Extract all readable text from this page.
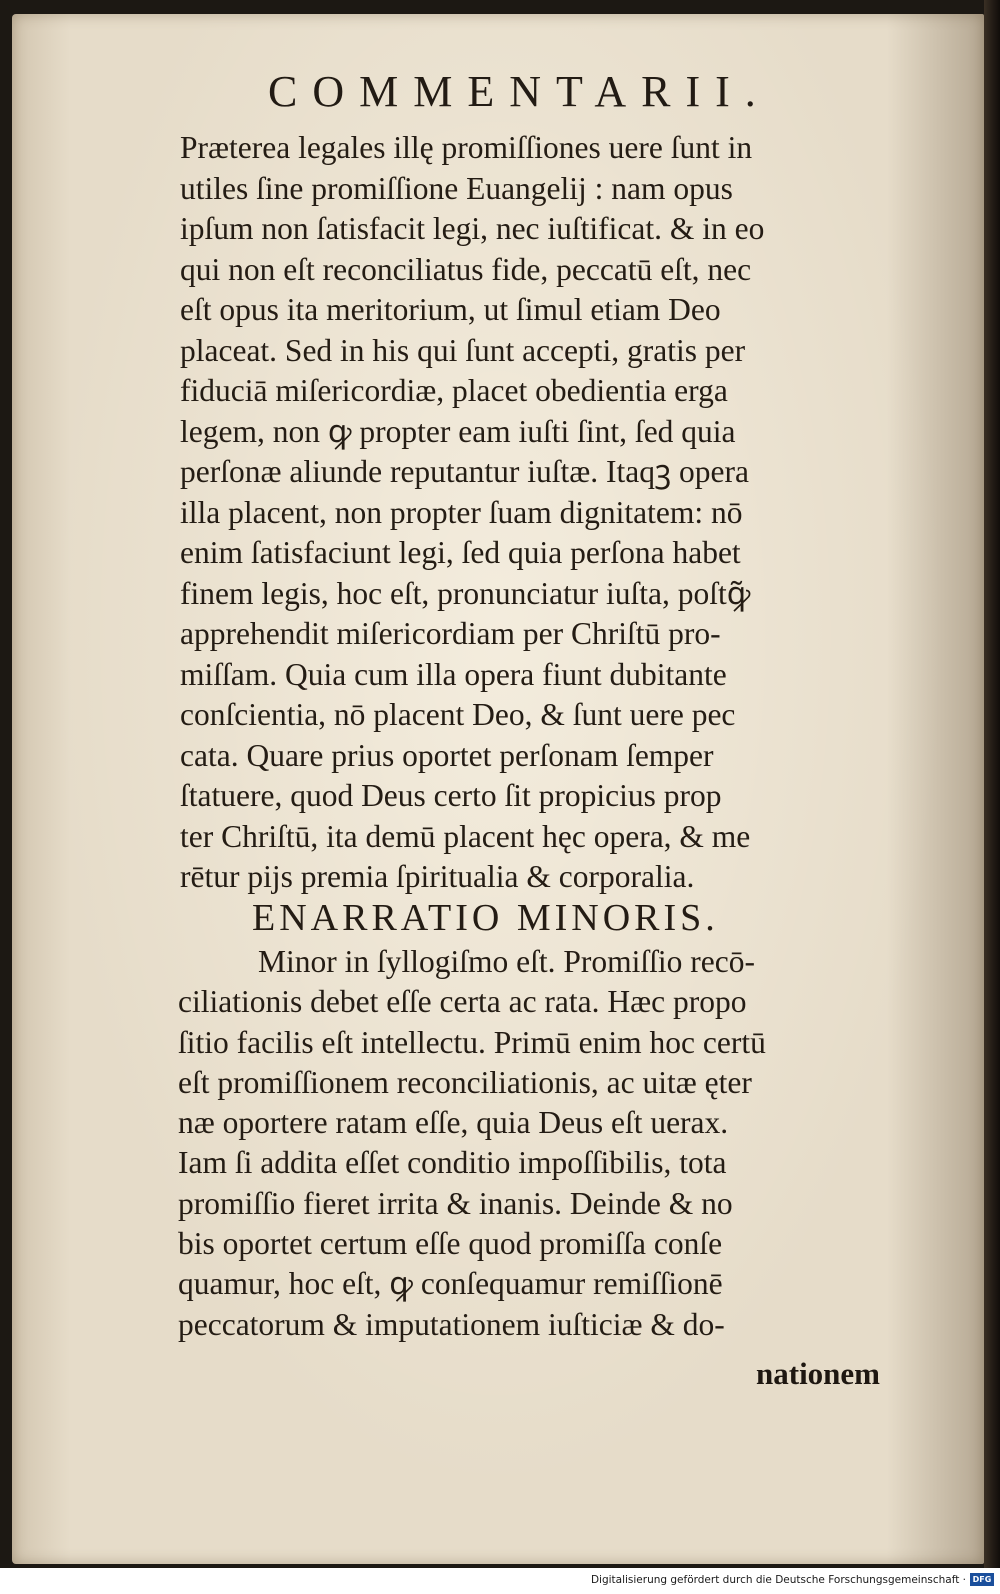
COMMENTARII.
Præterea legales illę promiſſiones uere ſunt in
utiles ſine promiſſione Euangelij : nam opus
ipſum non ſatisfacit legi, nec iuſtificat. & in eo
qui non eſt reconciliatus fide, peccatū eſt, nec
eſt opus ita meritorium, ut ſimul etiam Deo
placeat. Sed in his qui ſunt accepti, gratis per
fiduciā miſericordiæ, placet obedientia erga
legem, non ꝙ propter eam iuſti ſint, ſed quia
perſonæ aliunde reputantur iuſtæ. Itaqꝫ opera
illa placent, non propter ſuam dignitatem: nō
enim ſatisfaciunt legi, ſed quia perſona habet
finem legis, hoc eſt, pronunciatur iuſta, poſtꝙ̃
apprehendit miſericordiam per Chriſtū pro-
miſſam. Quia cum illa opera fiunt dubitante
conſcientia, nō placent Deo, & ſunt uere pec
cata. Quare prius oportet perſonam ſemper
ſtatuere, quod Deus certo ſit propicius prop
ter Chriſtū, ita demū placent hęc opera, & me
rētur pijs premia ſpiritualia & corporalia.
ENARRATIO MINORIS.
Minor in ſyllogiſmo eſt. Promiſſio recō-
ciliationis debet eſſe certa ac rata. Hæc propo
ſitio facilis eſt intellectu. Primū enim hoc certū
eſt promiſſionem reconciliationis, ac uitæ ęter
næ oportere ratam eſſe, quia Deus eſt uerax.
Iam ſi addita eſſet conditio impoſſibilis, tota
promiſſio fieret irrita & inanis. Deinde & no
bis oportet certum eſſe quod promiſſa conſe
quamur, hoc eſt, ꝙ conſequamur remiſſionē
peccatorum & imputationem iuſticiæ & do-
nationem
Digitalisierung gefördert durch die Deutsche Forschungsgemeinschaft · DFG
